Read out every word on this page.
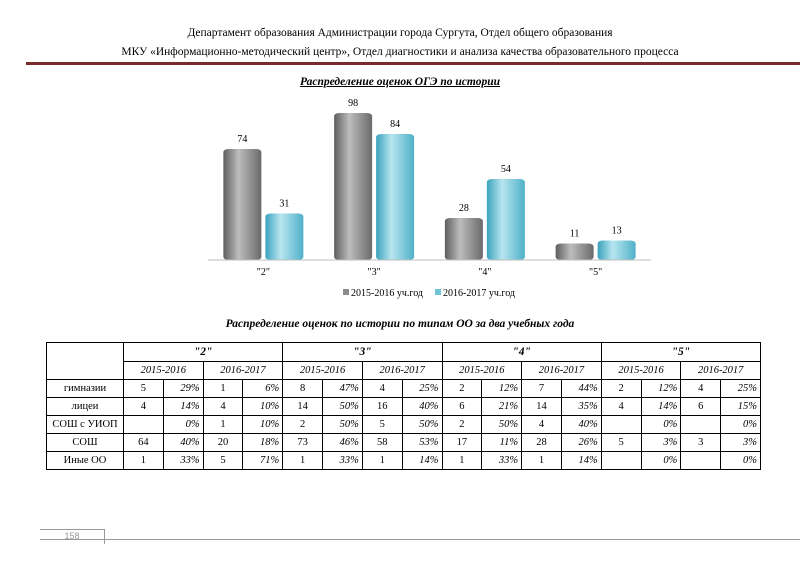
Департамент образования Администрации города Сургута, Отдел общего образования
МКУ «Информационно-методический центр», Отдел диагностики и анализа качества образовательного процесса
Распределение оценок ОГЭ по истории
74
31
98
84
28
54
11	13
"2"	"3"	"4"	"5"
2015-2016 уч.год 2016-2017 уч.год
Распределение оценок по истории по типам ОО за два учебных года
	"2"				"3"				"4"				"5"			
	2015-2016		2016-2017		2015-2016		2016-2017		2015-2016		2016-2017		2015-2016		2016-2017	
гимназии	5	29%	1	6%	8	47%	4	25%	2	12%	7	44%	2	12%	4	25%
лицеи	4	14%	4	10%	14	50%	16	40%	6	21%	14	35%	4	14%	6	15%
СОШ с УИОП		0%	1	10%	2	50%	5	50%	2	50%	4	40%		0%		0%
СОШ	64	40%	20	18%	73	46%	58	53%	17	11%	28	26%	5	3%	3	3%
Иные ОО	1	33%	5	71%	1	33%	1	14%	1	33%	1	14%		0%		0%
158
